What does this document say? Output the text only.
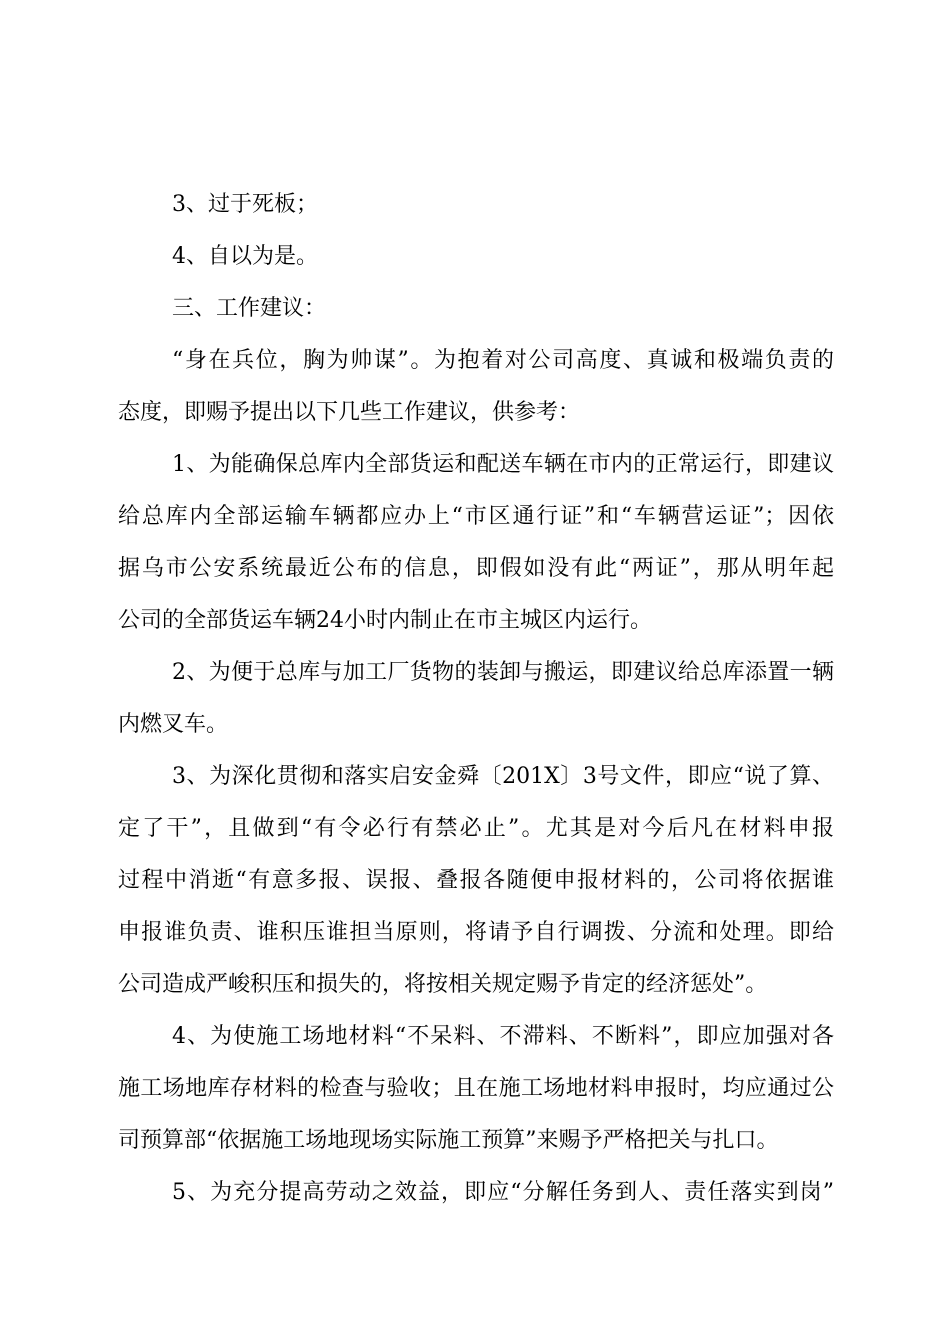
3、过于死板；
4、自以为是。
三、工作建议：
“身在兵位，胸为帅谋”。为抱着对公司高度、真诚和极端负责的
态度，即赐予提出以下几些工作建议，供参考：
1、为能确保总库内全部货运和配送车辆在市内的正常运行，即建议
给总库内全部运输车辆都应办上“市区通行证”和“车辆营运证”；因依
据乌市公安系统最近公布的信息，即假如没有此“两证”，那从明年起
公司的全部货运车辆24小时内制止在市主城区内运行。
2、为便于总库与加工厂货物的装卸与搬运，即建议给总库添置一辆
内燃叉车。
3、为深化贯彻和落实启安金舜〔201X〕3号文件，即应“说了算、
定了干”，且做到“有令必行有禁必止”。尤其是对今后凡在材料申报
过程中消逝“有意多报、误报、叠报各随便申报材料的，公司将依据谁
申报谁负责、谁积压谁担当原则，将请予自行调拨、分流和处理。即给
公司造成严峻积压和损失的，将按相关规定赐予肯定的经济惩处”。
4、为使施工场地材料“不呆料、不滞料、不断料”，即应加强对各
施工场地库存材料的检查与验收；且在施工场地材料申报时，均应通过公
司预算部“依据施工场地现场实际施工预算”来赐予严格把关与扎口。
5、为充分提高劳动之效益，即应“分解任务到人、责任落实到岗”
